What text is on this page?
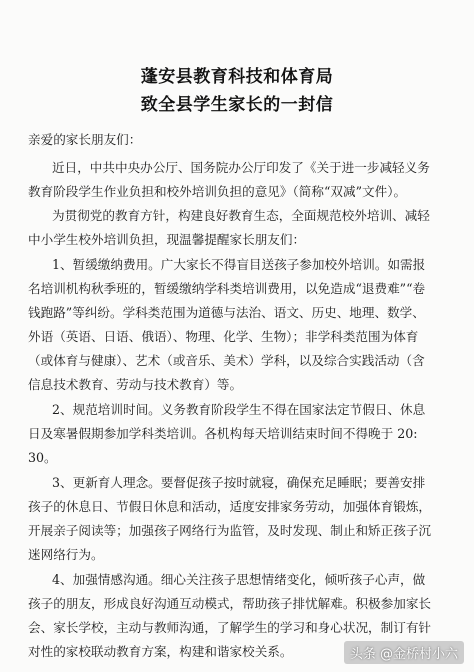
蓬安县教育科技和体育局
致全县学生家长的一封信
亲爱的家长朋友们：
近日，中共中央办公厅、国务院办公厅印发了《关于进一步减轻义务
教育阶段学生作业负担和校外培训负担的意见》（简称“双减”文件）。
为贯彻党的教育方针，构建良好教育生态，全面规范校外培训、减轻
中小学生校外培训负担，现温馨提醒家长朋友们：
1、暂缓缴纳费用。广大家长不得盲目送孩子参加校外培训。如需报
名培训机构秋季班的，暂缓缴纳学科类培训费用，以免造成“退费难”“卷
钱跑路”等纠纷。学科类范围为道德与法治、语文、历史、地理、数学、
外语（英语、日语、俄语）、物理、化学、生物）；非学科类范围为体育
（或体育与健康）、艺术（或音乐、美术）学科，以及综合实践活动（含
信息技术教育、劳动与技术教育）等。
2、规范培训时间。义务教育阶段学生不得在国家法定节假日、休息
日及寒暑假期参加学科类培训。各机构每天培训结束时间不得晚于 20:
30。
3、更新育人理念。要督促孩子按时就寝，确保充足睡眠；要善安排
孩子的休息日、节假日休息和活动，适度安排家务劳动，加强体育锻炼，
开展亲子阅读等；加强孩子网络行为监管，及时发现、制止和矫正孩子沉
迷网络行为。
4、加强情感沟通。细心关注孩子思想情绪变化，倾听孩子心声，做
孩子的朋友，形成良好沟通互动模式，帮助孩子排忧解难。积极参加家长
会、家长学校，主动与教师沟通，了解学生的学习和身心状况，制订有针
对性的家校联动教育方案，构建和谐家校关系。	头条 @金桥村小六
